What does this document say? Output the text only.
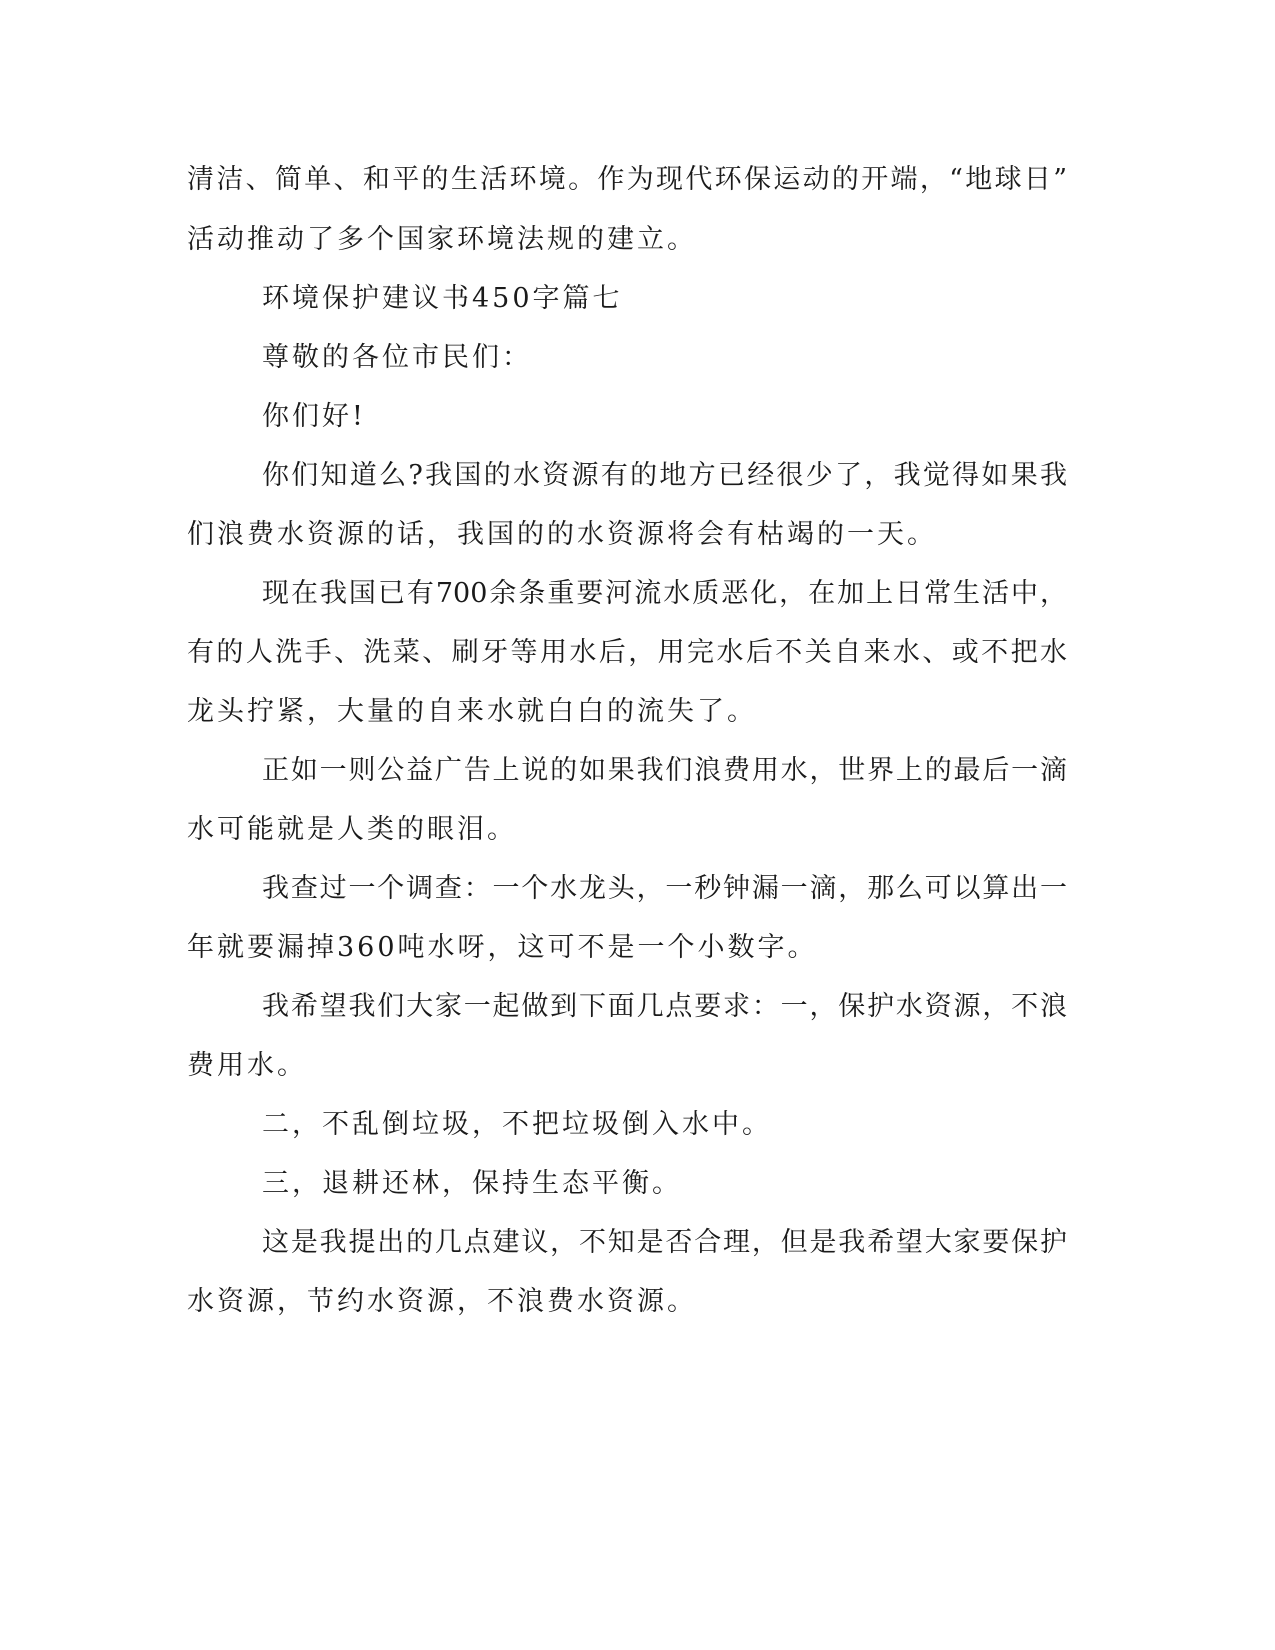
清洁、简单、和平的生活环境。作为现代环保运动的开端，“地球日”
活动推动了多个国家环境法规的建立。
环境保护建议书450字篇七
尊敬的各位市民们：
你们好!
你们知道么?我国的水资源有的地方已经很少了，我觉得如果我
们浪费水资源的话，我国的的水资源将会有枯竭的一天。
现在我国已有700余条重要河流水质恶化，在加上日常生活中，
有的人洗手、洗菜、刷牙等用水后，用完水后不关自来水、或不把水
龙头拧紧，大量的自来水就白白的流失了。
正如一则公益广告上说的如果我们浪费用水，世界上的最后一滴
水可能就是人类的眼泪。
我查过一个调查：一个水龙头，一秒钟漏一滴，那么可以算出一
年就要漏掉360吨水呀，这可不是一个小数字。
我希望我们大家一起做到下面几点要求：一，保护水资源，不浪
费用水。
二，不乱倒垃圾，不把垃圾倒入水中。
三，退耕还林，保持生态平衡。
这是我提出的几点建议，不知是否合理，但是我希望大家要保护
水资源，节约水资源，不浪费水资源。
